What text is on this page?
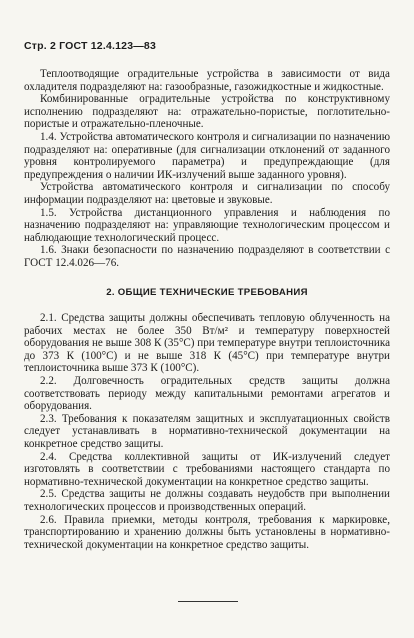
Стр. 2 ГОСТ 12.4.123—83

Теплоотводящие оградительные устройства в зависимости от вида охладителя подразделяют на: газообразные, газожидкостные и жидкостные.

Комбинированные оградительные устройства по конструктивному исполнению подразделяют на: отражательно-пористые, поглотительно-пористые и отражательно-пленочные.

1.4. Устройства автоматического контроля и сигнализации по назначению подразделяют на: оперативные (для сигнализации отклонений от заданного уровня контролируемого параметра) и предупреждающие (для предупреждения о наличии ИК-излучений выше заданного уровня).

Устройства автоматического контроля и сигнализации по способу информации подразделяют на: цветовые и звуковые.

1.5. Устройства дистанционного управления и наблюдения по назначению подразделяют на: управляющие технологическим процессом и наблюдающие технологический процесс.

1.6. Знаки безопасности по назначению подразделяют в соответствии с ГОСТ 12.4.026—76.

2. ОБЩИЕ ТЕХНИЧЕСКИЕ ТРЕБОВАНИЯ

2.1. Средства защиты должны обеспечивать тепловую облученность на рабочих местах не более 350 Вт/м² и температуру поверхностей оборудования не выше 308 К (35°С) при температуре внутри теплоисточника до 373 К (100°С) и не выше 318 К (45°С) при температуре внутри теплоисточника выше 373 К (100°С).

2.2. Долговечность оградительных средств защиты должна соответствовать периоду между капитальными ремонтами агрегатов и оборудования.

2.3. Требования к показателям защитных и эксплуатационных свойств следует устанавливать в нормативно-технической документации на конкретное средство защиты.

2.4. Средства коллективной защиты от ИК-излучений следует изготовлять в соответствии с требованиями настоящего стандарта по нормативно-технической документации на конкретное средство защиты.

2.5. Средства защиты не должны создавать неудобств при выполнении технологических процессов и производственных операций.

2.6. Правила приемки, методы контроля, требования к маркировке, транспортированию и хранению должны быть установлены в нормативно-технической документации на конкретное средство защиты.
